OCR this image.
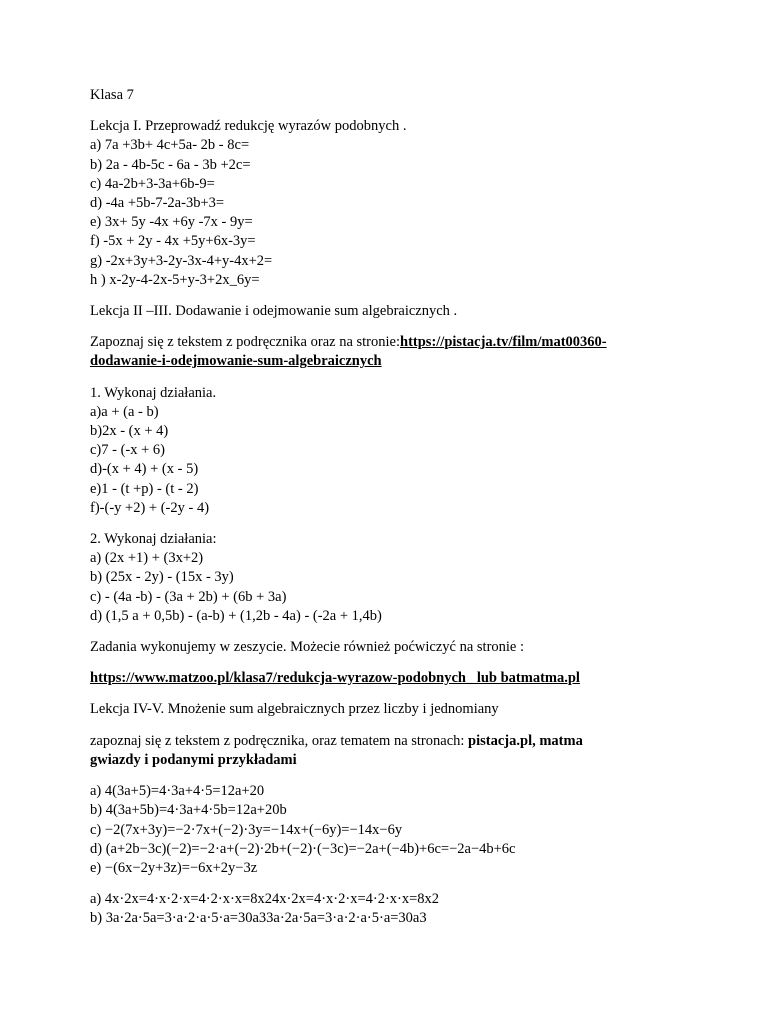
Klasa 7
Lekcja I. Przeprowadź redukcję wyrazów podobnych .
a) 7a +3b+ 4c+5a- 2b - 8c=
b) 2a - 4b-5c - 6a - 3b +2c=
c) 4a-2b+3-3a+6b-9=
d) -4a +5b-7-2a-3b+3=
e) 3x+ 5y -4x +6y -7x - 9y=
f) -5x + 2y - 4x +5y+6x-3y=
g) -2x+3y+3-2y-3x-4+y-4x+2=
h ) x-2y-4-2x-5+y-3+2x_6y=
Lekcja II –III. Dodawanie i odejmowanie sum algebraicznych .
Zapoznaj się z tekstem z podręcznika oraz na stronie:https://pistacja.tv/film/mat00360-
dodawanie-i-odejmowanie-sum-algebraicznych
1. Wykonaj działania.
a)a + (a - b)
b)2x - (x + 4)
c)7 - (-x + 6)
d)-(x + 4) + (x - 5)
e)1 - (t +p) - (t - 2)
f)-(-y +2) + (-2y - 4)
2. Wykonaj działania:
a) (2x +1) + (3x+2)
b) (25x - 2y) - (15x - 3y)
c) - (4a -b) - (3a + 2b) + (6b + 3a)
d) (1,5 a + 0,5b) - (a-b) + (1,2b - 4a) - (-2a + 1,4b)
Zadania wykonujemy w zeszycie. Możecie również poćwiczyć na stronie :
https://www.matzoo.pl/klasa7/redukcja-wyrazow-podobnych_ lub batmatma.pl
Lekcja IV-V. Mnożenie sum algebraicznych przez liczby i jednomiany
zapoznaj się z tekstem z podręcznika, oraz tematem na stronach: pistacja.pl, matma
gwiazdy i podanymi przykładami
a) 4(3a+5)=4·3a+4·5=12a+20
b) 4(3a+5b)=4·3a+4·5b=12a+20b
c) −2(7x+3y)=−2·7x+(−2)·3y=−14x+(−6y)=−14x−6y
d) (a+2b−3c)(−2)=−2·a+(−2)·2b+(−2)·(−3c)=−2a+(−4b)+6c=−2a−4b+6c
e) −(6x−2y+3z)=−6x+2y−3z
a) 4x·2x=4·x·2·x=4·2·x·x=8x24x·2x=4·x·2·x=4·2·x·x=8x2
b) 3a·2a·5a=3·a·2·a·5·a=30a33a·2a·5a=3·a·2·a·5·a=30a3
